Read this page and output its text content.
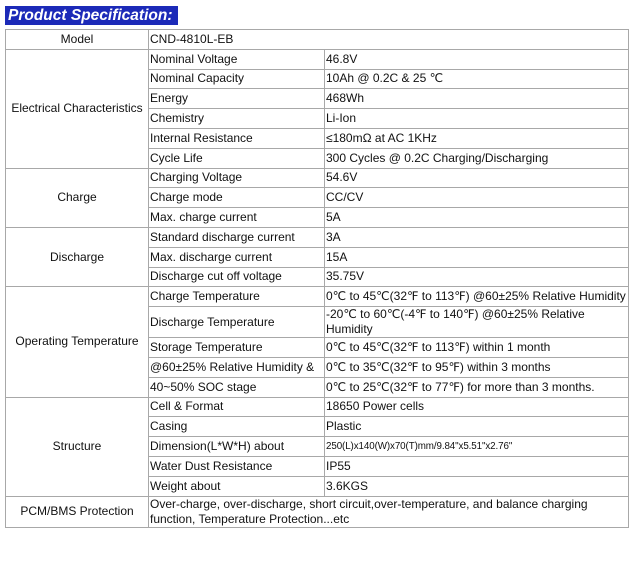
Product Specification:
Model	CND-4810L-EB	
Electrical Characteristics	Nominal Voltage	46.8V
	Nominal Capacity	10Ah @ 0.2C & 25 ℃
	Energy	468Wh
	Chemistry	Li-Ion
	Internal Resistance	≤180mΩ at AC 1KHz
	Cycle Life	300 Cycles @ 0.2C Charging/Discharging
Charge	Charging Voltage	54.6V
	Charge mode	CC/CV
	Max. charge current	5A
Discharge	Standard discharge current	3A
	Max. discharge current	15A
	Discharge cut off voltage	35.75V
Operating Temperature	Charge Temperature	0℃ to 45℃(32℉ to 113℉) @60±25% Relative Humidity
	Discharge Temperature	-20℃ to 60℃(-4℉ to 140℉) @60±25% Relative Humidity
	Storage Temperature	0℃ to 45℃(32℉ to 113℉) within 1 month
	@60±25% Relative Humidity &	0℃ to 35℃(32℉ to 95℉) within 3 months
	40~50% SOC stage	0℃ to 25℃(32℉ to 77℉) for more than 3 months.
Structure	Cell & Format	18650 Power cells
	Casing	Plastic
	Dimension(L*W*H) about	250(L)x140(W)x70(T)mm/9.84"x5.51"x2.76"
	Water Dust Resistance	IP55
	Weight about	3.6KGS
PCM/BMS Protection	Over-charge, over-discharge, short circuit,over-temperature, and balance charging function, Temperature Protection...etc	
